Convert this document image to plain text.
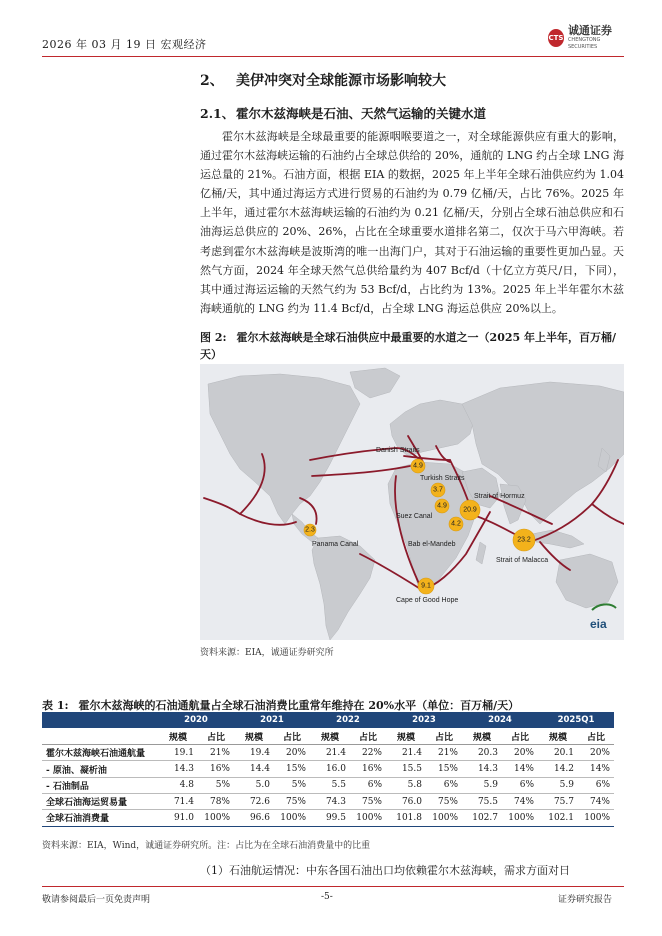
2026 年 03 月 19 日 宏观经济	CTS
诚通证券
CHENGTONG SECURITIES
2、 美伊冲突对全球能源市场影响较大
2.1、 霍尔木兹海峡是石油、天然气运输的关键水道

霍尔木兹海峡是全球最重要的能源咽喉要道之一，对全球能源供应有重大的影响，通过霍尔木兹海峡运输的石油约占全球总供给的 20%，通航的 LNG 约占全球 LNG 海运总量的 21%。石油方面，根据 EIA 的数据，2025 年上半年全球石油供应约为 1.04 亿桶/天，其中通过海运方式进行贸易的石油约为 0.79 亿桶/天，占比 76%。2025 年上半年，通过霍尔木兹海峡运输的石油约为 0.21 亿桶/天，分别占全球石油总供应和石油海运总供应的 20%、26%，占比在全球重要水道排名第二，仅次于马六甲海峡。若考虑到霍尔木兹海峡是波斯湾的唯一出海门户，其对于石油运输的重要性更加凸显。天然气方面，2024 年全球天然气总供给量约为 407 Bcf/d（十亿立方英尺/日，下同），其中通过海运运输的天然气约为 53 Bcf/d，占比约为 13%。2025 年上半年霍尔木兹海峡通航的 LNG 约为 11.4 Bcf/d，占全球 LNG 海运总供应 20%以上。

图 2: 霍尔木兹海峡是全球石油供应中最重要的水道之一（2025 年上半年，百万桶/天）
4.9
Danish Straits
3.7
Turkish Straits
20.9
Strait of Hormuz
4.9
Suez Canal
4.2
Bab el-Mandeb
2.3
Panama Canal
23.2
Strait of Malacca
9.1
Cape of Good Hope
eia
资料来源：EIA，诚通证券研究所
表 1: 霍尔木兹海峡的石油通航量占全球石油消费比重常年维持在 20%水平（单位：百万桶/天）
	2020		2021		2022		2023		2024		2025Q1	
	规模	占比	规模	占比	规模	占比	规模	占比	规模	占比	规模	占比
霍尔木兹海峡石油通航量	19.1	21%	19.4	20%	21.4	22%	21.4	21%	20.3	20%	20.1	20%
- 原油、凝析油	14.3	16%	14.4	15%	16.0	16%	15.5	15%	14.3	14%	14.2	14%
- 石油制品	4.8	5%	5.0	5%	5.5	6%	5.8	6%	5.9	6%	5.9	6%
全球石油海运贸易量	71.4	78%	72.6	75%	74.3	75%	76.0	75%	75.5	74%	75.7	74%
全球石油消费量	91.0	100%	96.6	100%	99.5	100%	101.8	100%	102.7	100%	102.1	100%
资料来源：EIA，Wind，诚通证券研究所。注：占比为在全球石油消费量中的比重
（1）石油航运情况：中东各国石油出口均依赖霍尔木兹海峡，需求方面对日
敬请参阅最后一页免责声明	-5-	证券研究报告
